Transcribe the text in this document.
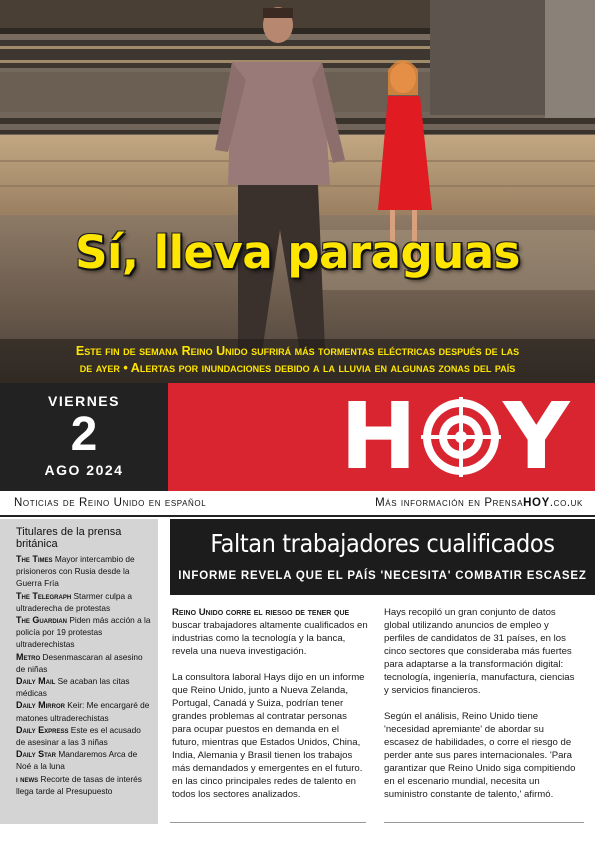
Sí, lleva paraguas
Este fin de semana Reino Unido sufrirá más tormentas eléctricas después de las
de ayer • Alertas por inundaciones debido a la lluvia en algunas zonas del país
VIERNES
2
AGO 2024	H Y
Noticias de Reino Unido en español	Más información en PrensaHOY.co.uk
Titulares de la prensa británica
The Times Mayor intercambio de prisioneros con Rusia desde la Guerra Fría
The Telegraph Starmer culpa a ultraderecha de protestas
The Guardian Piden más acción a la policía por 19 protestas ultraderechistas
Metro Desenmascaran al asesino de niñas
Daily Mail Se acaban las citas médicas
Daily Mirror Keir: Me encargaré de matones ultraderechistas
Daily Express Este es el acusado de asesinar a las 3 niñas
Daily Star Mandaremos Arca de Noé a la luna
i news Recorte de tasas de interés llega tarde al Presupuesto
Faltan trabajadores cualificados
INFORME REVELA QUE EL PAÍS 'NECESITA' COMBATIR ESCASEZ

Reino Unido corre el riesgo de tener que buscar trabajadores altamente cualificados en industrias como la tecnología y la banca, revela una nueva investigación.

La consultora laboral Hays dijo en un informe que Reino Unido, junto a Nueva Zelanda, Portugal, Canadá y Suiza, podrían tener grandes problemas al contratar personas para ocupar puestos en demanda en el futuro, mientras que Estados Unidos, China, India, Alemania y Brasil tienen los trabajos más demandados y emergentes en el futuro. en las cinco principales redes de talento en todos los sectores analizados.

Hays recopiló un gran conjunto de datos global utilizando anuncios de empleo y perfiles de candidatos de 31 países, en los cinco sectores que consideraba más fuertes para adaptarse a la transformación digital: tecnología, ingeniería, manufactura, ciencias y servicios financieros.

Según el análisis, Reino Unido tiene 'necesidad apremiante' de abordar su escasez de habilidades, o corre el riesgo de perder ante sus pares internacionales. 'Para garantizar que Reino Unido siga compitiendo en el escenario mundial, necesita un suministro constante de talento,' afirmó.
